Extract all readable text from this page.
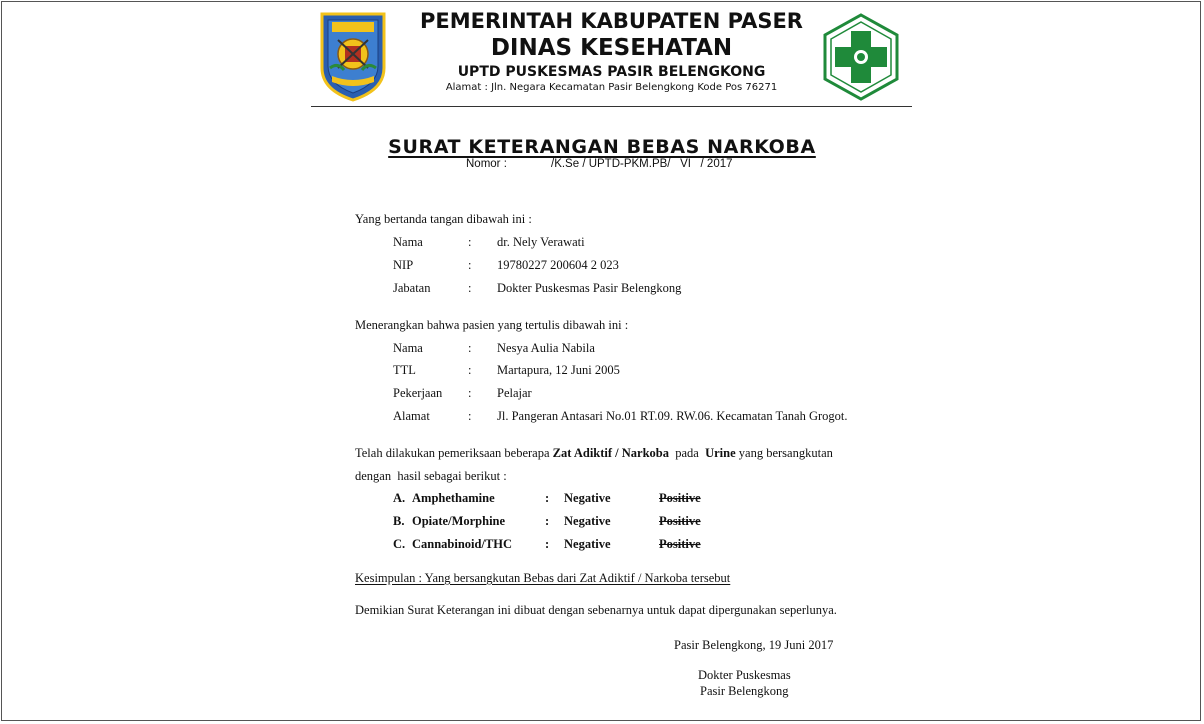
PEMERINTAH KABUPATEN PASER
DINAS KESEHATAN
UPTD PUSKESMAS PASIR BELENGKONG
Alamat : Jln. Negara Kecamatan Pasir Belengkong Kode Pos 76271
SURAT KETERANGAN BEBAS NARKOBA
Nomor :	/K.Se / UPTD-PKM.PB/   VI   / 2017
Yang bertanda tangan dibawah ini :
Nama	: dr. Nely Verawati
NIP	: 19780227 200604 2 023
Jabatan	: Dokter Puskesmas Pasir Belengkong
Menerangkan bahwa pasien yang tertulis dibawah ini :
Nama	: Nesya Aulia Nabila
TTL	: Martapura, 12 Juni 2005
Pekerjaan : Pelajar
Alamat	: Jl. Pangeran Antasari No.01 RT.09. RW.06. Kecamatan Tanah Grogot.
Telah dilakukan pemeriksaan beberapa Zat Adiktif / Narkoba  pada  Urine yang bersangkutan
dengan  hasil sebagai berikut :
A. Amphethamine	: Negative	Positive
B. Opiate/Morphine	: Negative	Positive
C. Cannabinoid/THC	: Negative	Positive
Kesimpulan : Yang bersangkutan Bebas dari Zat Adiktif / Narkoba tersebut
Demikian Surat Keterangan ini dibuat dengan sebenarnya untuk dapat dipergunakan seperlunya.
Pasir Belengkong, 19 Juni 2017
Dokter Puskesmas
Pasir Belengkong
